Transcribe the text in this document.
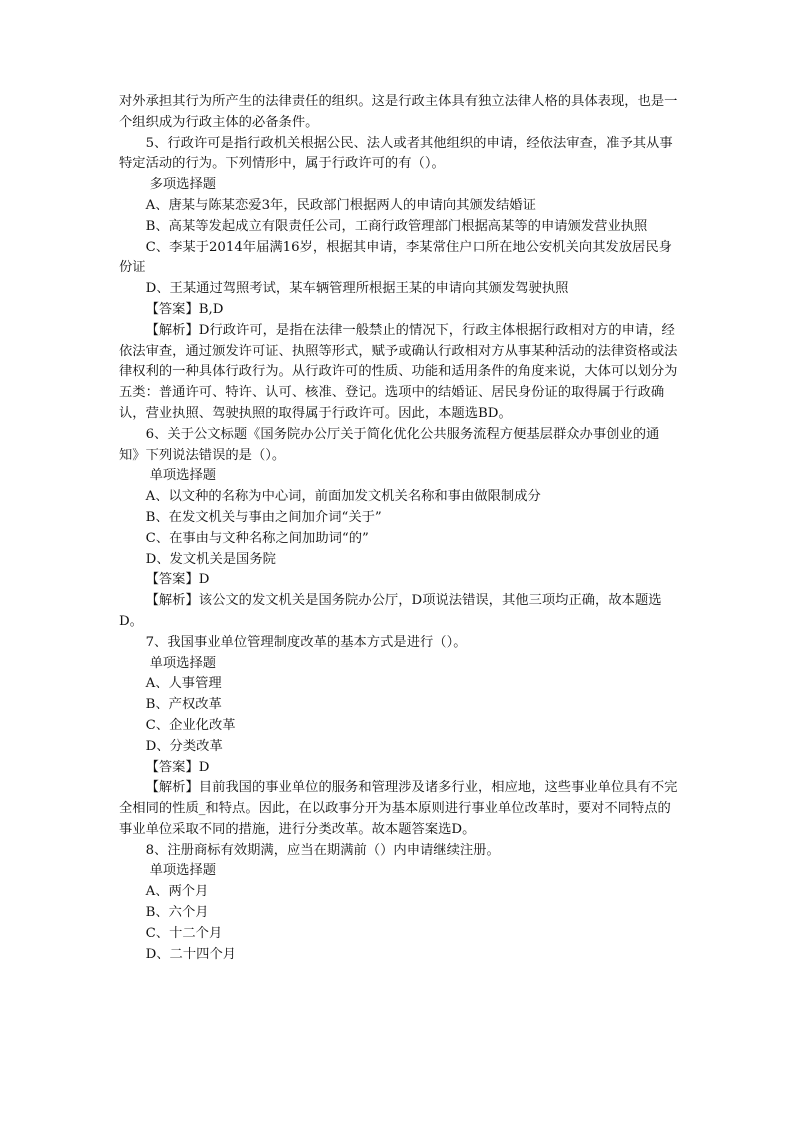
对外承担其行为所产生的法律责任的组织。这是行政主体具有独立法律人格的具体表现，也是一个组织成为行政主体的必备条件。

5、行政许可是指行政机关根据公民、法人或者其他组织的申请，经依法审查，准予其从事特定活动的行为。下列情形中，属于行政许可的有（）。

多项选择题

A、唐某与陈某恋爱3年，民政部门根据两人的申请向其颁发结婚证

B、高某等发起成立有限责任公司，工商行政管理部门根据高某等的申请颁发营业执照

C、李某于2014年届满16岁，根据其申请，李某常住户口所在地公安机关向其发放居民身份证

D、王某通过驾照考试，某车辆管理所根据王某的申请向其颁发驾驶执照

【答案】B,D

【解析】D行政许可，是指在法律一般禁止的情况下，行政主体根据行政相对方的申请，经依法审查，通过颁发许可证、执照等形式，赋予或确认行政相对方从事某种活动的法律资格或法律权利的一种具体行政行为。从行政许可的性质、功能和适用条件的角度来说，大体可以划分为五类：普通许可、特许、认可、核准、登记。选项中的结婚证、居民身份证的取得属于行政确认，营业执照、驾驶执照的取得属于行政许可。因此，本题选BD。

6、关于公文标题《国务院办公厅关于简化优化公共服务流程方便基层群众办事创业的通知》下列说法错误的是（）。

单项选择题

A、以文种的名称为中心词，前面加发文机关名称和事由做限制成分

B、在发文机关与事由之间加介词“关于”

C、在事由与文种名称之间加助词“的”

D、发文机关是国务院

【答案】D

【解析】该公文的发文机关是国务院办公厅，D项说法错误，其他三项均正确，故本题选D。

7、我国事业单位管理制度改革的基本方式是进行（）。

单项选择题

A、人事管理

B、产权改革

C、企业化改革

D、分类改革

【答案】D

【解析】目前我国的事业单位的服务和管理涉及诸多行业，相应地，这些事业单位具有不完全相同的性质_和特点。因此，在以政事分开为基本原则进行事业单位改革时，要对不同特点的事业单位采取不同的措施，进行分类改革。故本题答案选D。

8、注册商标有效期满，应当在期满前（）内申请继续注册。

单项选择题

A、两个月

B、六个月

C、十二个月

D、二十四个月
